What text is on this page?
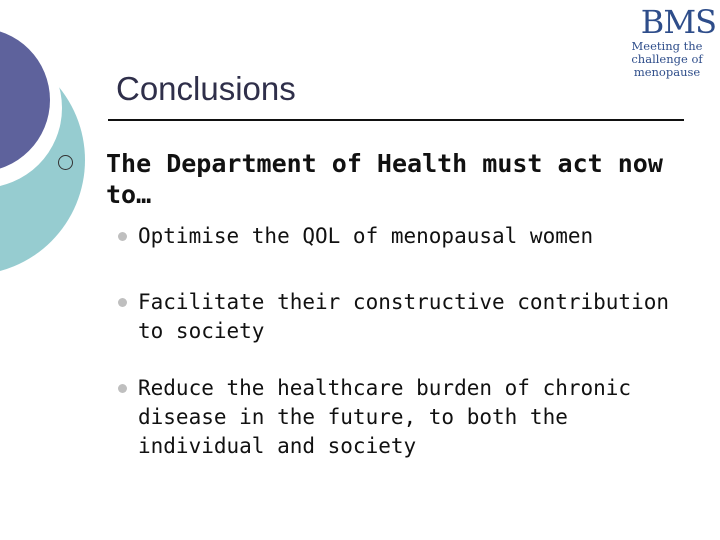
BMS
Meeting the challenge of menopause
Conclusions
The Department of Health must act now to…
Optimise the QOL of menopausal women
Facilitate their constructive contribution to society
Reduce the healthcare burden of chronic disease in the future, to both the individual and society
